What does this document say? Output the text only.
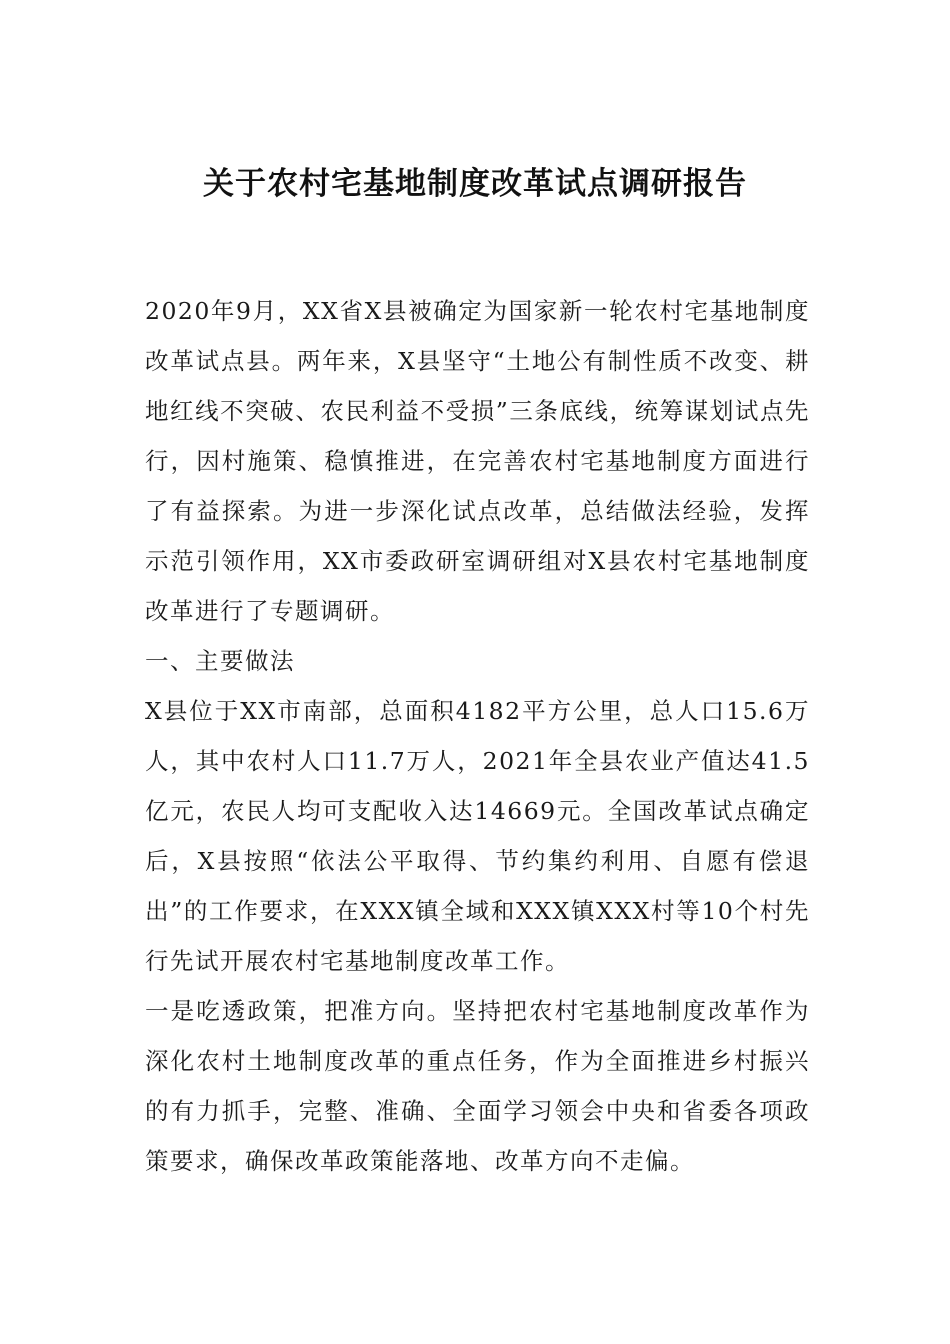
关于农村宅基地制度改革试点调研报告

2020年9月，XX省X县被确定为国家新一轮农村宅基地制度改革试点县。两年来，X县坚守“土地公有制性质不改变、耕地红线不突破、农民利益不受损”三条底线，统筹谋划试点先行，因村施策、稳慎推进，在完善农村宅基地制度方面进行了有益探索。为进一步深化试点改革，总结做法经验，发挥示范引领作用，XX市委政研室调研组对X县农村宅基地制度改革进行了专题调研。

一、主要做法

X县位于XX市南部，总面积4182平方公里，总人口15.6万人，其中农村人口11.7万人，2021年全县农业产值达41.5亿元，农民人均可支配收入达14669元。全国改革试点确定后，X县按照“依法公平取得、节约集约利用、自愿有偿退出”的工作要求，在XXX镇全域和XXX镇XXX村等10个村先行先试开展农村宅基地制度改革工作。

一是吃透政策，把准方向。坚持把农村宅基地制度改革作为深化农村土地制度改革的重点任务，作为全面推进乡村振兴的有力抓手，完整、准确、全面学习领会中央和省委各项政策要求，确保改革政策能落地、改革方向不走偏。
